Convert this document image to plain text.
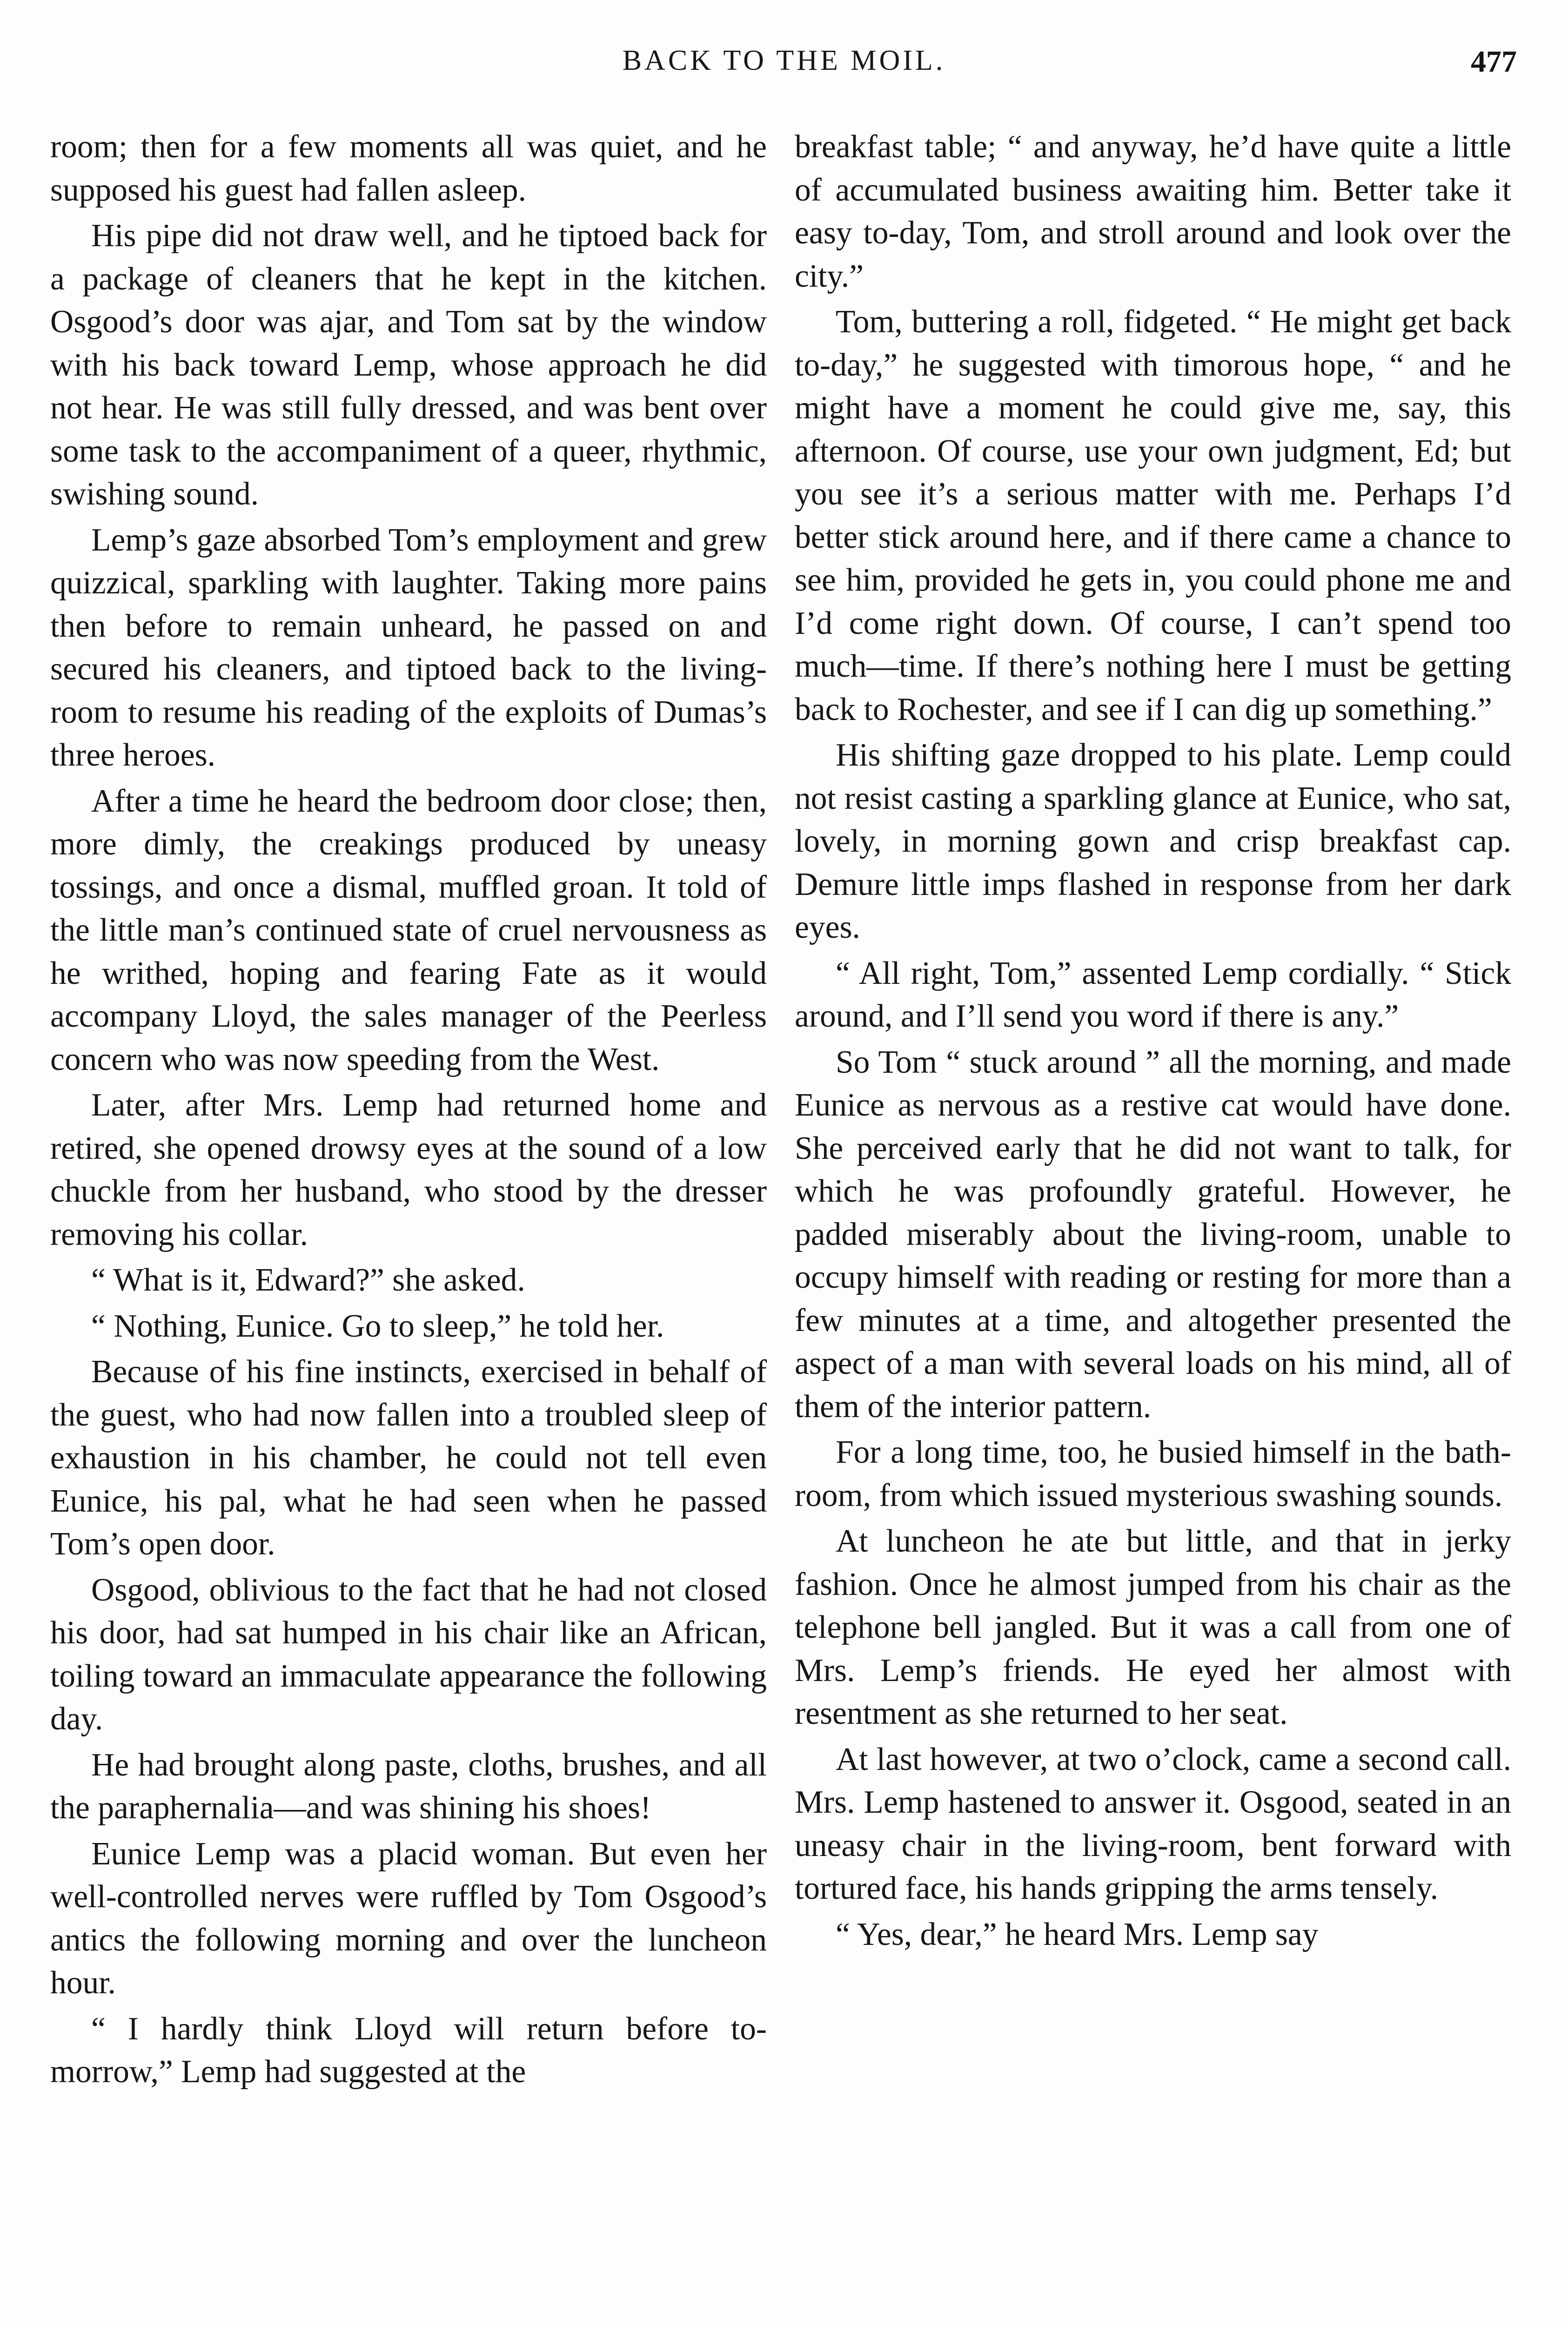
BACK TO THE MOIL.	477

room; then for a few moments all was quiet, and he supposed his guest had fallen asleep.

His pipe did not draw well, and he tiptoed back for a package of cleaners that he kept in the kitchen. Osgood’s door was ajar, and Tom sat by the window with his back toward Lemp, whose approach he did not hear. He was still fully dressed, and was bent over some task to the accompaniment of a queer, rhythmic, swishing sound.

Lemp’s gaze absorbed Tom’s employment and grew quizzical, sparkling with laughter. Taking more pains then before to remain unheard, he passed on and secured his cleaners, and tiptoed back to the living-room to resume his reading of the exploits of Dumas’s three heroes.

After a time he heard the bedroom door close; then, more dimly, the creakings produced by uneasy tossings, and once a dismal, muffled groan. It told of the little man’s continued state of cruel nervousness as he writhed, hoping and fearing Fate as it would accompany Lloyd, the sales manager of the Peerless concern who was now speeding from the West.

Later, after Mrs. Lemp had returned home and retired, she opened drowsy eyes at the sound of a low chuckle from her husband, who stood by the dresser removing his collar.

“ What is it, Edward?” she asked.

“ Nothing, Eunice. Go to sleep,” he told her.

Because of his fine instincts, exercised in behalf of the guest, who had now fallen into a troubled sleep of exhaustion in his chamber, he could not tell even Eunice, his pal, what he had seen when he passed Tom’s open door.

Osgood, oblivious to the fact that he had not closed his door, had sat humped in his chair like an African, toiling toward an immaculate appearance the following day.

He had brought along paste, cloths, brushes, and all the paraphernalia—and was shining his shoes!

Eunice Lemp was a placid woman. But even her well-controlled nerves were ruffled by Tom Osgood’s antics the following morning and over the luncheon hour.

“ I hardly think Lloyd will return before to-morrow,” Lemp had suggested at the

breakfast table; “ and anyway, he’d have quite a little of accumulated business awaiting him. Better take it easy to-day, Tom, and stroll around and look over the city.”

Tom, buttering a roll, fidgeted. “ He might get back to-day,” he suggested with timorous hope, “ and he might have a moment he could give me, say, this afternoon. Of course, use your own judgment, Ed; but you see it’s a serious matter with me. Perhaps I’d better stick around here, and if there came a chance to see him, provided he gets in, you could phone me and I’d come right down. Of course, I can’t spend too much—time. If there’s nothing here I must be getting back to Rochester, and see if I can dig up something.”

His shifting gaze dropped to his plate. Lemp could not resist casting a sparkling glance at Eunice, who sat, lovely, in morning gown and crisp breakfast cap. Demure little imps flashed in response from her dark eyes.

“ All right, Tom,” assented Lemp cordially. “ Stick around, and I’ll send you word if there is any.”

So Tom “ stuck around ” all the morning, and made Eunice as nervous as a restive cat would have done. She perceived early that he did not want to talk, for which he was profoundly grateful. However, he padded miserably about the living-room, unable to occupy himself with reading or resting for more than a few minutes at a time, and altogether presented the aspect of a man with several loads on his mind, all of them of the interior pattern.

For a long time, too, he busied himself in the bath-room, from which issued mysterious swashing sounds.

At luncheon he ate but little, and that in jerky fashion. Once he almost jumped from his chair as the telephone bell jangled. But it was a call from one of Mrs. Lemp’s friends. He eyed her almost with resentment as she returned to her seat.

At last however, at two o’clock, came a second call. Mrs. Lemp hastened to answer it. Osgood, seated in an uneasy chair in the living-room, bent forward with tortured face, his hands gripping the arms tensely.

“ Yes, dear,” he heard Mrs. Lemp say
